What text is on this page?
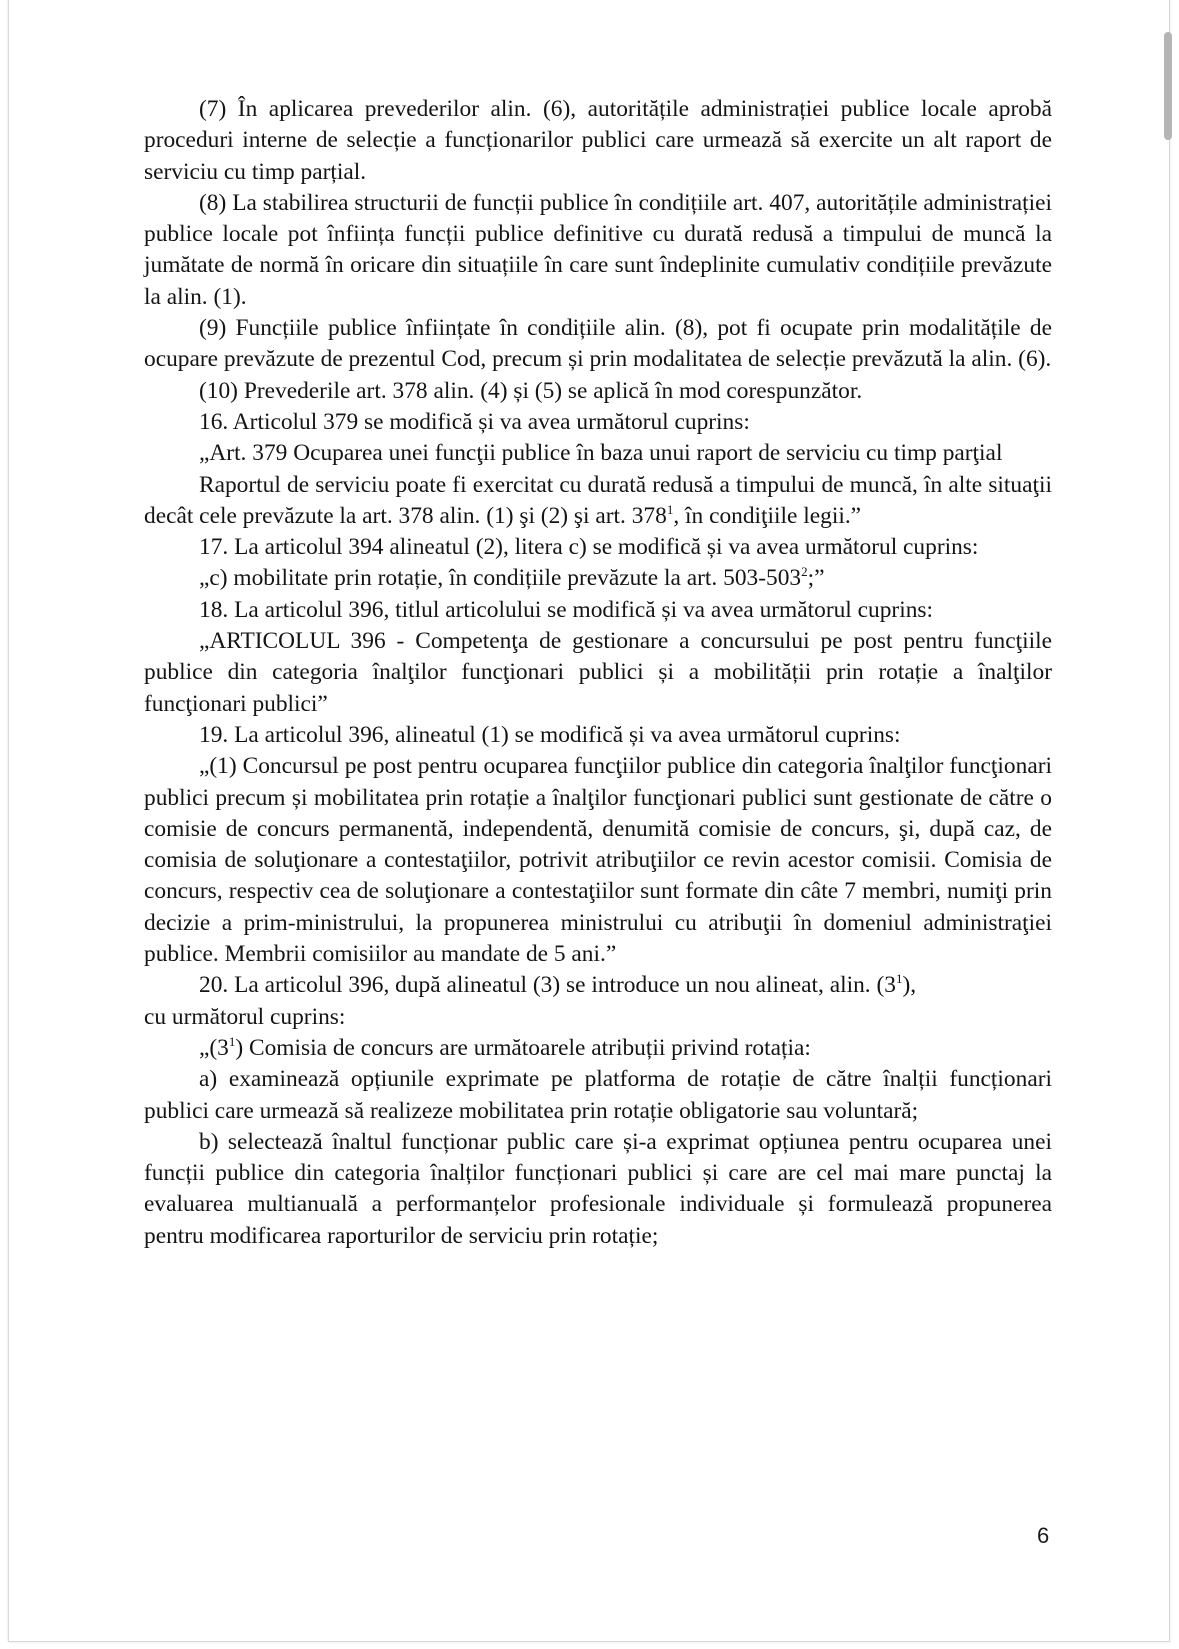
(7) În aplicarea prevederilor alin. (6), autoritățile administrației publice locale aprobă proceduri interne de selecție a funcționarilor publici care urmează să exercite un alt raport de serviciu cu timp parțial.

(8) La stabilirea structurii de funcții publice în condițiile art. 407, autoritățile administrației publice locale pot înființa funcții publice definitive cu durată redusă a timpului de muncă la jumătate de normă în oricare din situațiile în care sunt îndeplinite cumulativ condițiile prevăzute la alin. (1).

(9) Funcțiile publice înființate în condițiile alin. (8), pot fi ocupate prin modalitățile de ocupare prevăzute de prezentul Cod, precum și prin modalitatea de selecție prevăzută la alin. (6).

(10) Prevederile art. 378 alin. (4) și (5) se aplică în mod corespunzător.

16. Articolul 379 se modifică și va avea următorul cuprins:

„Art. 379 Ocuparea unei funcţii publice în baza unui raport de serviciu cu timp parţial

Raportul de serviciu poate fi exercitat cu durată redusă a timpului de muncă, în alte situaţii decât cele prevăzute la art. 378 alin. (1) şi (2) şi art. $378^1$, în condiţiile legii.”

17. La articolul 394 alineatul (2), litera c) se modifică și va avea următorul cuprins:

„c) mobilitate prin rotație, în condițiile prevăzute la art. $503-503^2$;”

18. La articolul 396, titlul articolului se modifică și va avea următorul cuprins:

„ARTICOLUL 396 - Competenţa de gestionare a concursului pe post pentru funcţiile publice din categoria înalţilor funcţionari publici și a mobilității prin rotație a înalţilor funcţionari publici”

19. La articolul 396, alineatul (1) se modifică și va avea următorul cuprins:

„(1) Concursul pe post pentru ocuparea funcţiilor publice din categoria înalţilor funcţionari publici precum și mobilitatea prin rotație a înalţilor funcţionari publici sunt gestionate de către o comisie de concurs permanentă, independentă, denumită comisie de concurs, şi, după caz, de comisia de soluţionare a contestaţiilor, potrivit atribuţiilor ce revin acestor comisii. Comisia de concurs, respectiv cea de soluţionare a contestaţiilor sunt formate din câte 7 membri, numiţi prin decizie a prim-ministrului, la propunerea ministrului cu atribuţii în domeniul administraţiei publice. Membrii comisiilor au mandate de 5 ani.”

20. La articolul 396, după alineatul (3) se introduce un nou alineat, alin. $(3^1)$,
cu următorul cuprins:

$„(3^1)$ Comisia de concurs are următoarele atribuții privind rotația:

a) examinează opțiunile exprimate pe platforma de rotație de către înalții funcționari publici care urmează să realizeze mobilitatea prin rotație obligatorie sau voluntară;

b) selectează înaltul funcționar public care și-a exprimat opțiunea pentru ocuparea unei funcții publice din categoria înalților funcționari publici și care are cel mai mare punctaj la evaluarea multianuală a performanțelor profesionale individuale și formulează propunerea pentru modificarea raporturilor de serviciu prin rotație;

6
